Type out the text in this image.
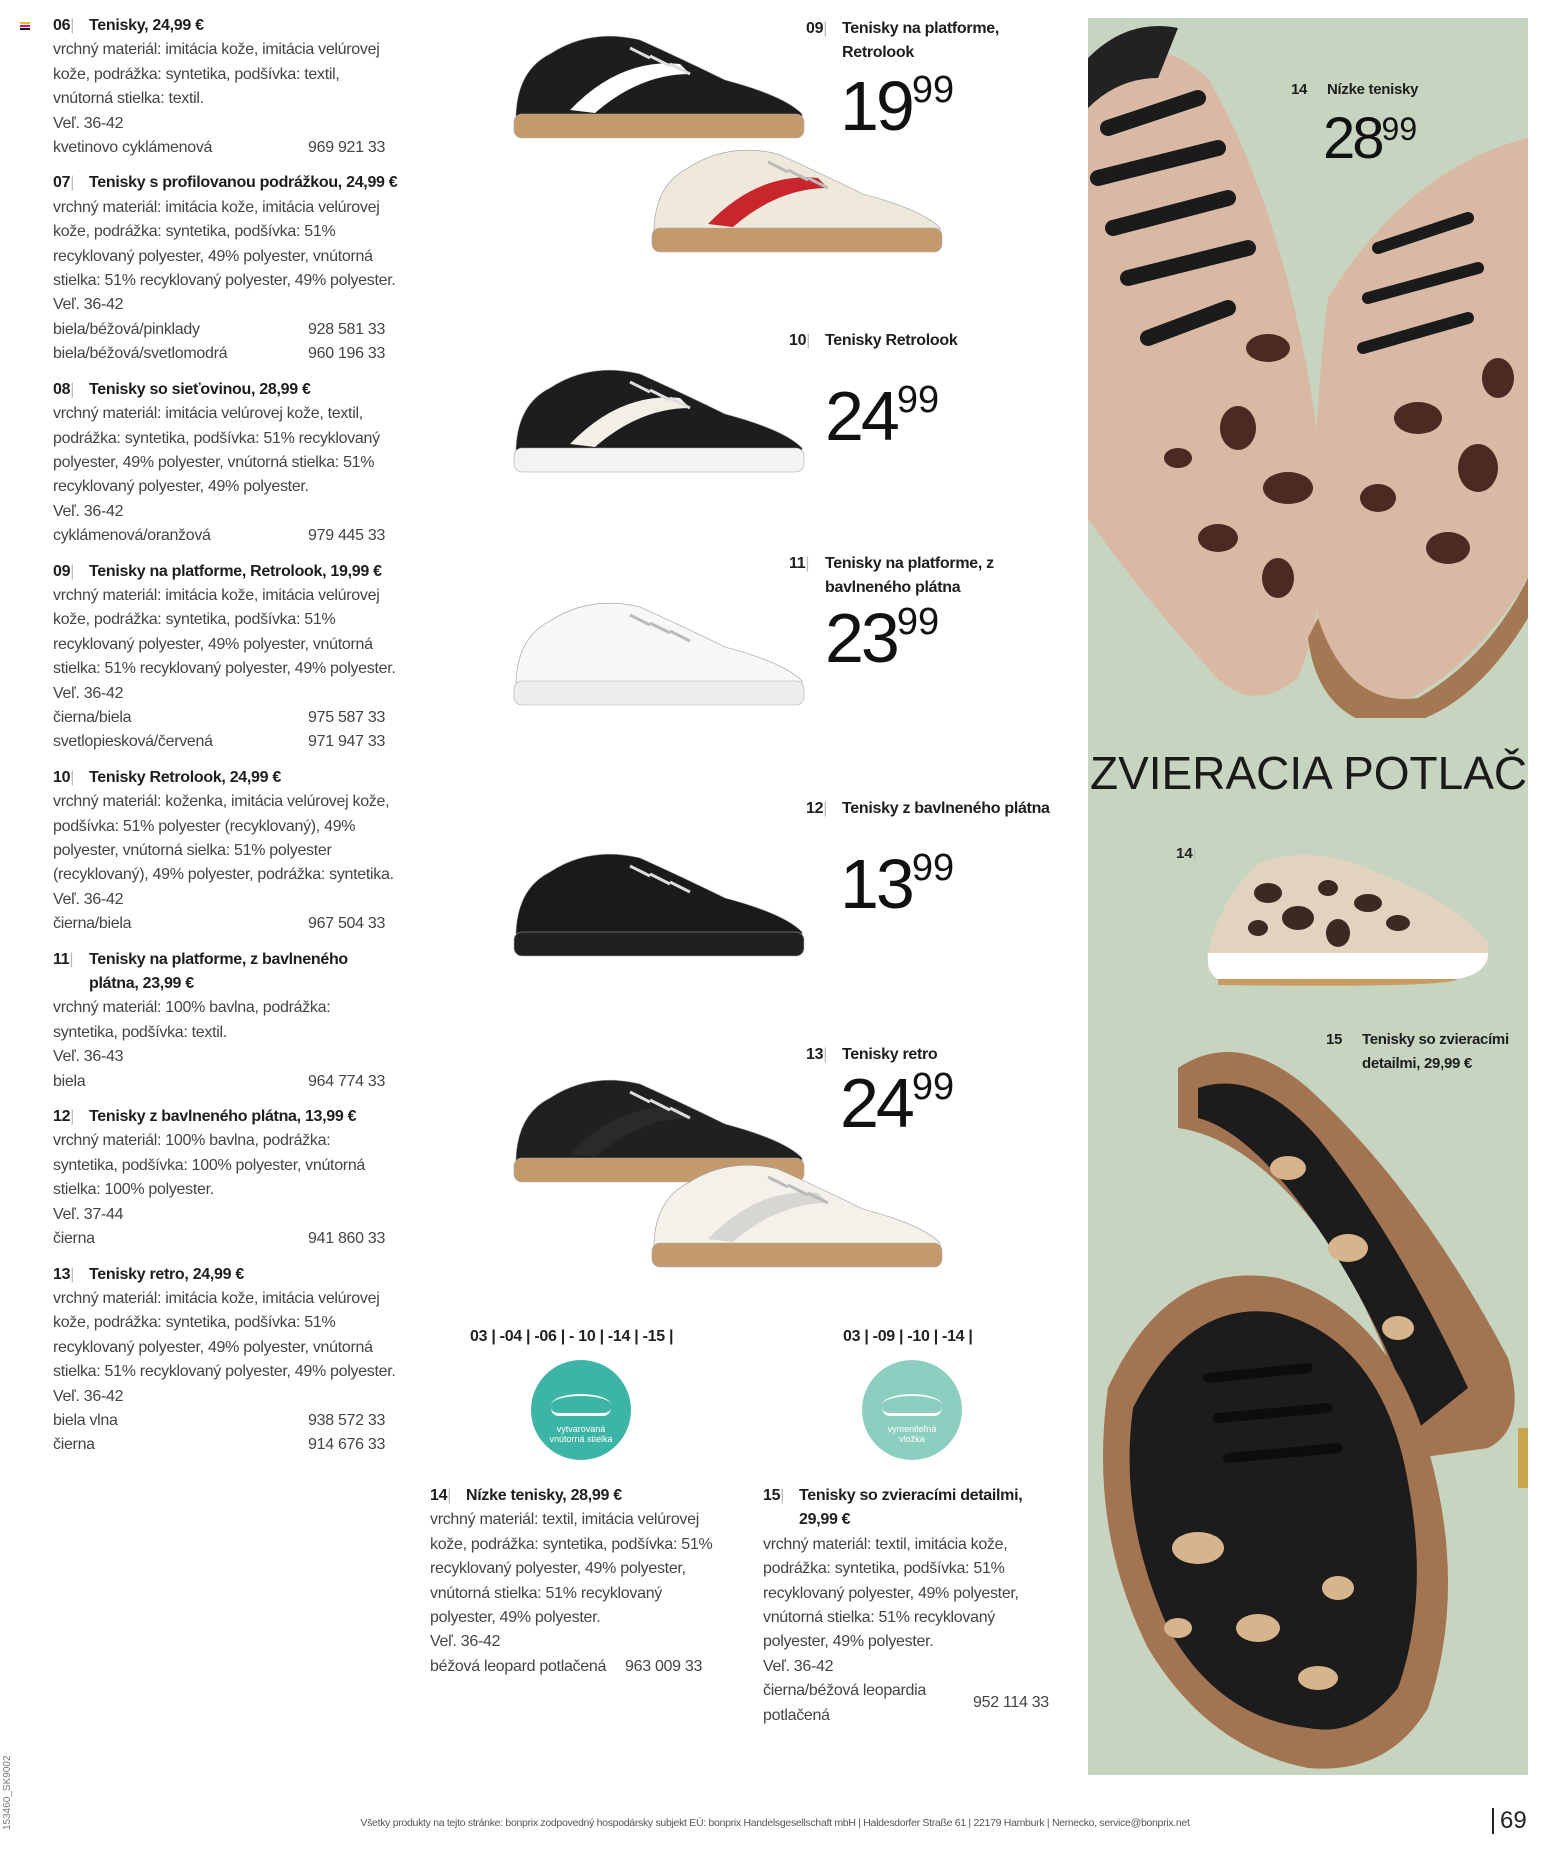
06|Tenisky, 24,99 €
vrchný materiál: imitácia kože, imitácia velúrovej kože, podrážka: syntetika, podšívka: textil, vnútorná stielka: textil.
Veľ. 36-42
kvetinovo cyklámenová	969 921 33
07|Tenisky s profilovanou podrážkou, 24,99 €
vrchný materiál: imitácia kože, imitácia velúrovej kože, podrážka: syntetika, podšívka: 51% recyklovaný polyester, 49% polyester, vnútorná stielka: 51% recyklovaný polyester, 49% polyester.
Veľ. 36-42
biela/béžová/pinklady	928 581 33
biela/béžová/svetlomodrá	960 196 33
08|Tenisky so sieťovinou, 28,99 €
vrchný materiál: imitácia velúrovej kože, textil, podrážka: syntetika, podšívka: 51% recyklovaný polyester, 49% polyester, vnútorná stielka: 51% recyklovaný polyester, 49% polyester.
Veľ. 36-42
cyklámenová/oranžová	979 445 33
09|Tenisky na platforme, Retrolook, 19,99 €
vrchný materiál: imitácia kože, imitácia velúrovej kože, podrážka: syntetika, podšívka: 51% recyklovaný polyester, 49% polyester, vnútorná stielka: 51% recyklovaný polyester, 49% polyester.
Veľ. 36-42
čierna/biela	975 587 33
svetlopiesková/červená	971 947 33
10|Tenisky Retrolook, 24,99 €
vrchný materiál: koženka, imitácia velúrovej kože, podšívka: 51% polyester (recyklovaný), 49% polyester, vnútorná sielka: 51% polyester (recyklovaný), 49% polyester, podrážka: syntetika.
Veľ. 36-42
čierna/biela	967 504 33
11|Tenisky na platforme, z bavlneného plátna, 23,99 €
vrchný materiál: 100% bavlna, podrážka: syntetika, podšívka: textil.
Veľ. 36-43
biela	964 774 33
12|Tenisky z bavlneného plátna, 13,99 €
vrchný materiál: 100% bavlna, podrážka: syntetika, podšívka: 100% polyester, vnútorná stielka: 100% polyester.
Veľ. 37-44
čierna	941 860 33
13|Tenisky retro, 24,99 €
vrchný materiál: imitácia kože, imitácia velúrovej kože, podrážka: syntetika, podšívka: 51% recyklovaný polyester, 49% polyester, vnútorná stielka: 51% recyklovaný polyester, 49% polyester.
Veľ. 36-42
biela vlna	938 572 33
čierna	914 676 33
09|Tenisky na platforme, Retrolook
$19^{99}$
10|Tenisky Retrolook
$24^{99}$
11|Tenisky na platforme, z bavlneného plátna
$23^{99}$
12|Tenisky z bavlneného plátna
$13^{99}$
13|Tenisky retro
$24^{99}$
03 | -04 | -06 | - 10 | -14 | -15 |
vytvarovaná vnútorná stielka
03 | -09 | -10 | -14 |
vymeniteľná vložka
14|Nízke tenisky, 28,99 €
vrchný materiál: textil, imitácia velúrovej kože, podrážka: syntetika, podšívka: 51% recyklovaný polyester, 49% polyester, vnútorná stielka: 51% recyklovaný polyester, 49% polyester.
Veľ. 36-42
béžová leopard potlačená 963 009 33
15|Tenisky so zvieracími detailmi, 29,99 €
vrchný materiál: textil, imitácia kože, podrážka: syntetika, podšívka: 51% recyklovaný polyester, 49% polyester, vnútorná stielka: 51% recyklovaný polyester, 49% polyester.
Veľ. 36-42
čierna/béžová leopardia potlačená
952 114 33
14 Nízke tenisky
$28^{99}$
ZVIERACIA POTLAČ
14|
15 Tenisky so zvieracími detailmi, 29,99 €
153460_SK9002	Všetky produkty na tejto stránke: bonprix zodpovedný hospodársky subjekt EÚ: bonprix Handelsgesellschaft mbH | Haldesdorfer Straße 61 | 22179 Hamburk | Nemecko, service@bonprix.net	69
